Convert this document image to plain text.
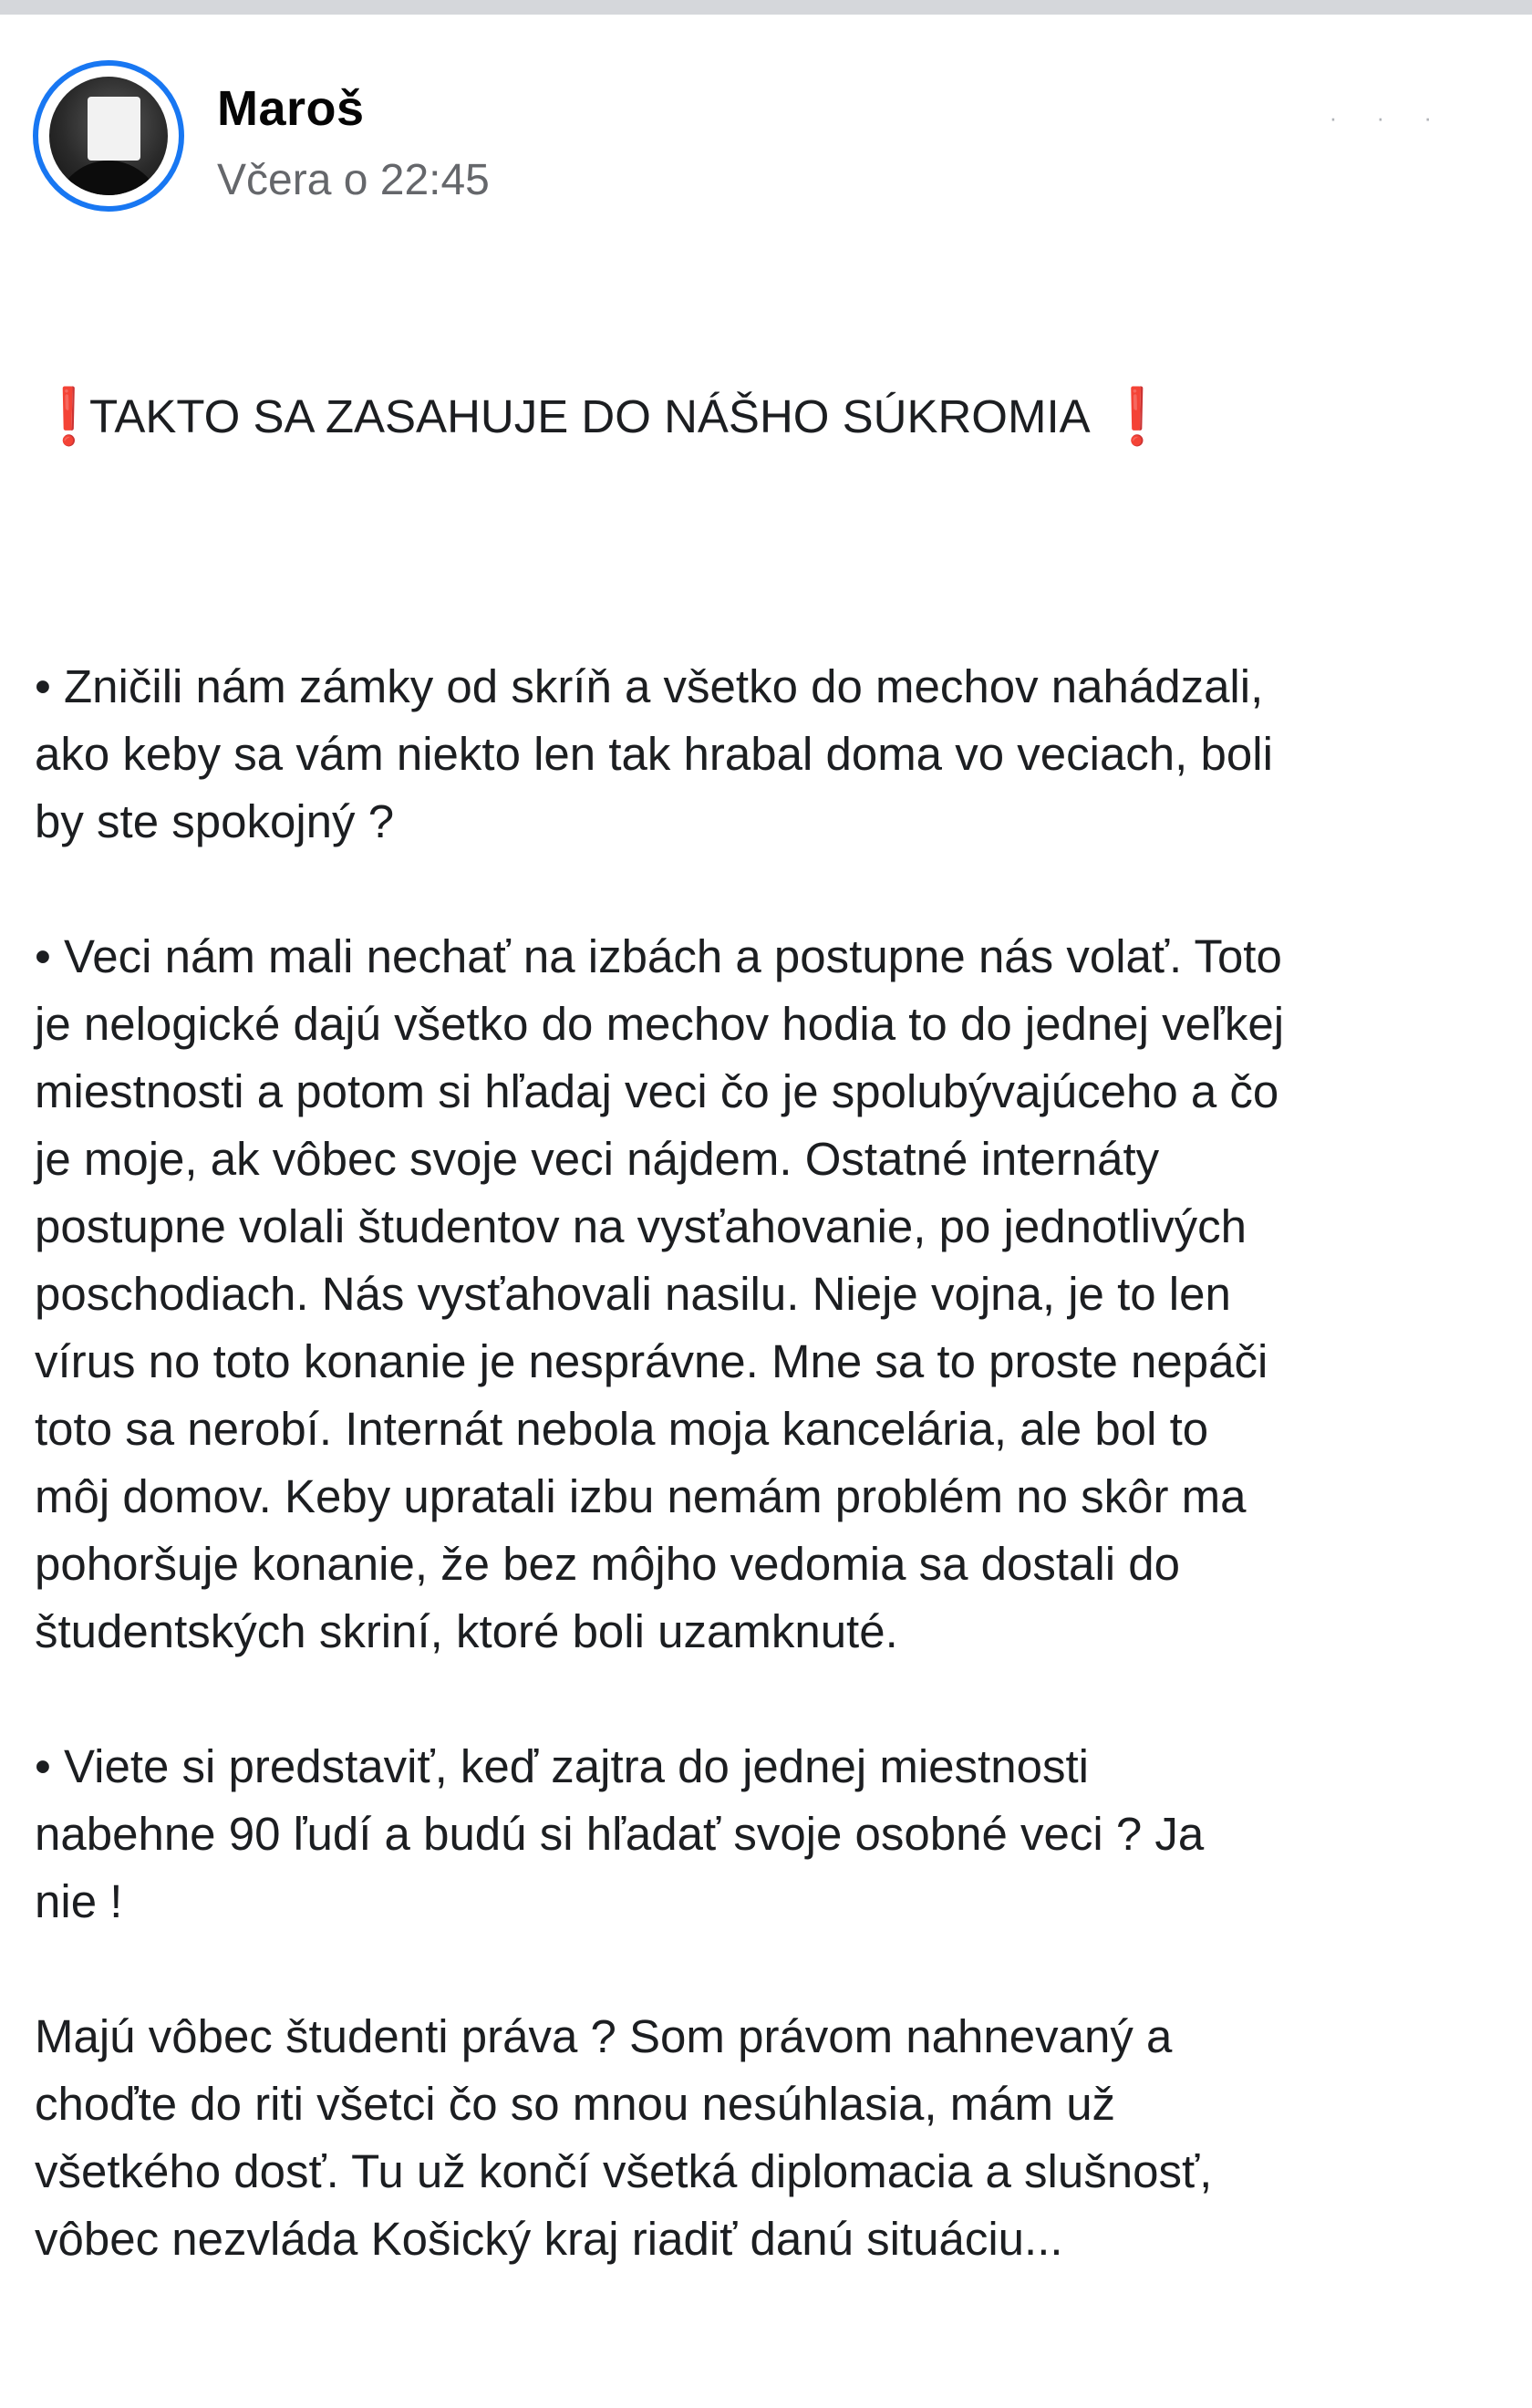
Maroš
Včera o 22:45
· · ·

❗
TAKTO SA ZASAHUJE DO NÁŠHO SÚKROMIA ❗

• Zničili nám zámky od skríň a všetko do mechov nahádzali,
ako keby sa vám niekto len tak hrabal doma vo veciach, boli
by ste spokojný ?
• Veci nám mali nechať na izbách a postupne nás volať. Toto
je nelogické dajú všetko do mechov hodia to do jednej veľkej
miestnosti a potom si hľadaj veci čo je spolubývajúceho a čo
je moje, ak vôbec svoje veci nájdem. Ostatné internáty
postupne volali študentov na vysťahovanie, po jednotlivých
poschodiach. Nás vysťahovali nasilu. Nieje vojna, je to len
vírus no toto konanie je nesprávne. Mne sa to proste nepáči
toto sa nerobí. Internát nebola moja kancelária, ale bol to
môj domov. Keby upratali izbu nemám problém no skôr ma
pohoršuje konanie, že bez môjho vedomia sa dostali do
študentských skriní, ktoré boli uzamknuté.
• Viete si predstaviť, keď zajtra do jednej miestnosti
nabehne 90 ľudí a budú si hľadať svoje osobné veci ? Ja
nie !
Majú vôbec študenti práva ? Som právom nahnevaný a
choďte do riti všetci čo so mnou nesúhlasia, mám už
všetkého dosť. Tu už končí všetká diplomacia a slušnosť,
vôbec nezvláda Košický kraj riadiť danú situáciu...
